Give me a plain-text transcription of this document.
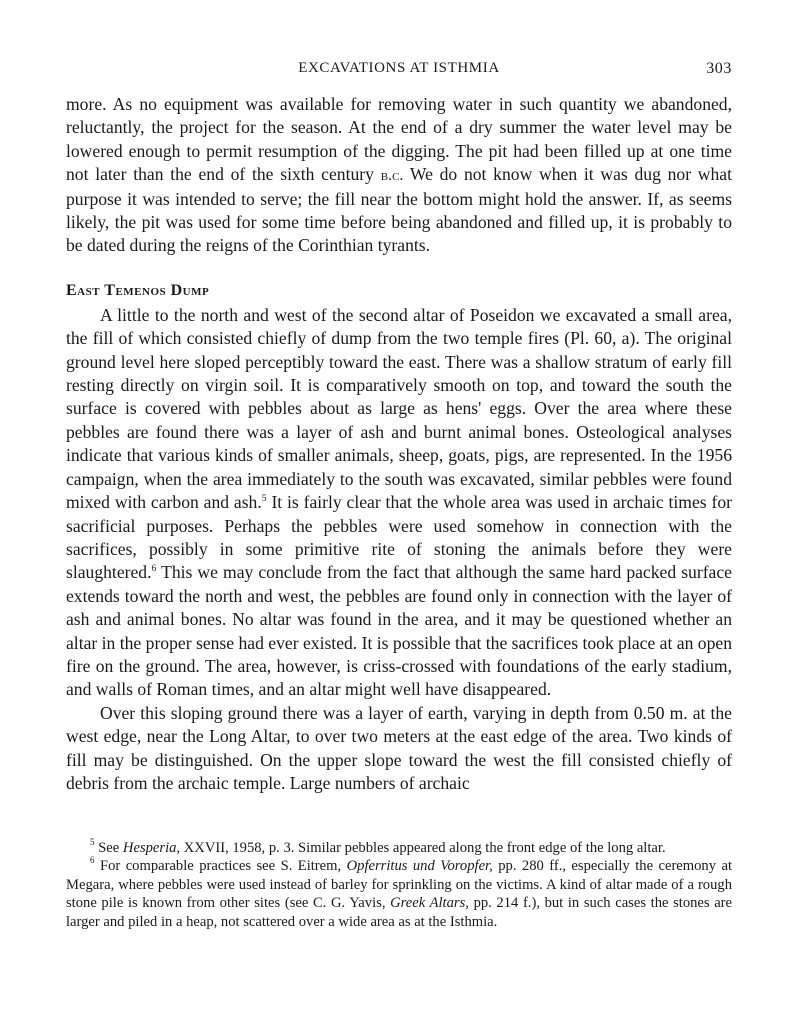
EXCAVATIONS AT ISTHMIA	303

more. As no equipment was available for removing water in such quantity we abandoned, reluctantly, the project for the season. At the end of a dry summer the water level may be lowered enough to permit resumption of the digging. The pit had been filled up at one time not later than the end of the sixth century b.c. We do not know when it was dug nor what purpose it was intended to serve; the fill near the bottom might hold the answer. If, as seems likely, the pit was used for some time before being abandoned and filled up, it is probably to be dated during the reigns of the Corinthian tyrants.

East Temenos Dump

A little to the north and west of the second altar of Poseidon we excavated a small area, the fill of which consisted chiefly of dump from the two temple fires (Pl. 60, a). The original ground level here sloped perceptibly toward the east. There was a shallow stratum of early fill resting directly on virgin soil. It is comparatively smooth on top, and toward the south the surface is covered with pebbles about as large as hens' eggs. Over the area where these pebbles are found there was a layer of ash and burnt animal bones. Osteological analyses indicate that various kinds of smaller animals, sheep, goats, pigs, are represented. In the 1956 campaign, when the area immediately to the south was excavated, similar pebbles were found mixed with carbon and ash.$^5$ It is fairly clear that the whole area was used in archaic times for sacrificial purposes. Perhaps the pebbles were used somehow in connection with the sacrifices, possibly in some primitive rite of stoning the animals before they were slaughtered.$^6$ This we may conclude from the fact that although the same hard packed surface extends toward the north and west, the pebbles are found only in connection with the layer of ash and animal bones. No altar was found in the area, and it may be questioned whether an altar in the proper sense had ever existed. It is possible that the sacrifices took place at an open fire on the ground. The area, however, is criss-crossed with foundations of the early stadium, and walls of Roman times, and an altar might well have disappeared.

Over this sloping ground there was a layer of earth, varying in depth from 0.50 m. at the west edge, near the Long Altar, to over two meters at the east edge of the area. Two kinds of fill may be distinguished. On the upper slope toward the west the fill consisted chiefly of debris from the archaic temple. Large numbers of archaic

$^5$ See Hesperia, XXVII, 1958, p. 3. Similar pebbles appeared along the front edge of the long altar.

$^6$ For comparable practices see S. Eitrem, Opferritus und Voropfer, pp. 280 ff., especially the ceremony at Megara, where pebbles were used instead of barley for sprinkling on the victims. A kind of altar made of a rough stone pile is known from other sites (see C. G. Yavis, Greek Altars, pp. 214 f.), but in such cases the stones are larger and piled in a heap, not scattered over a wide area as at the Isthmia.
